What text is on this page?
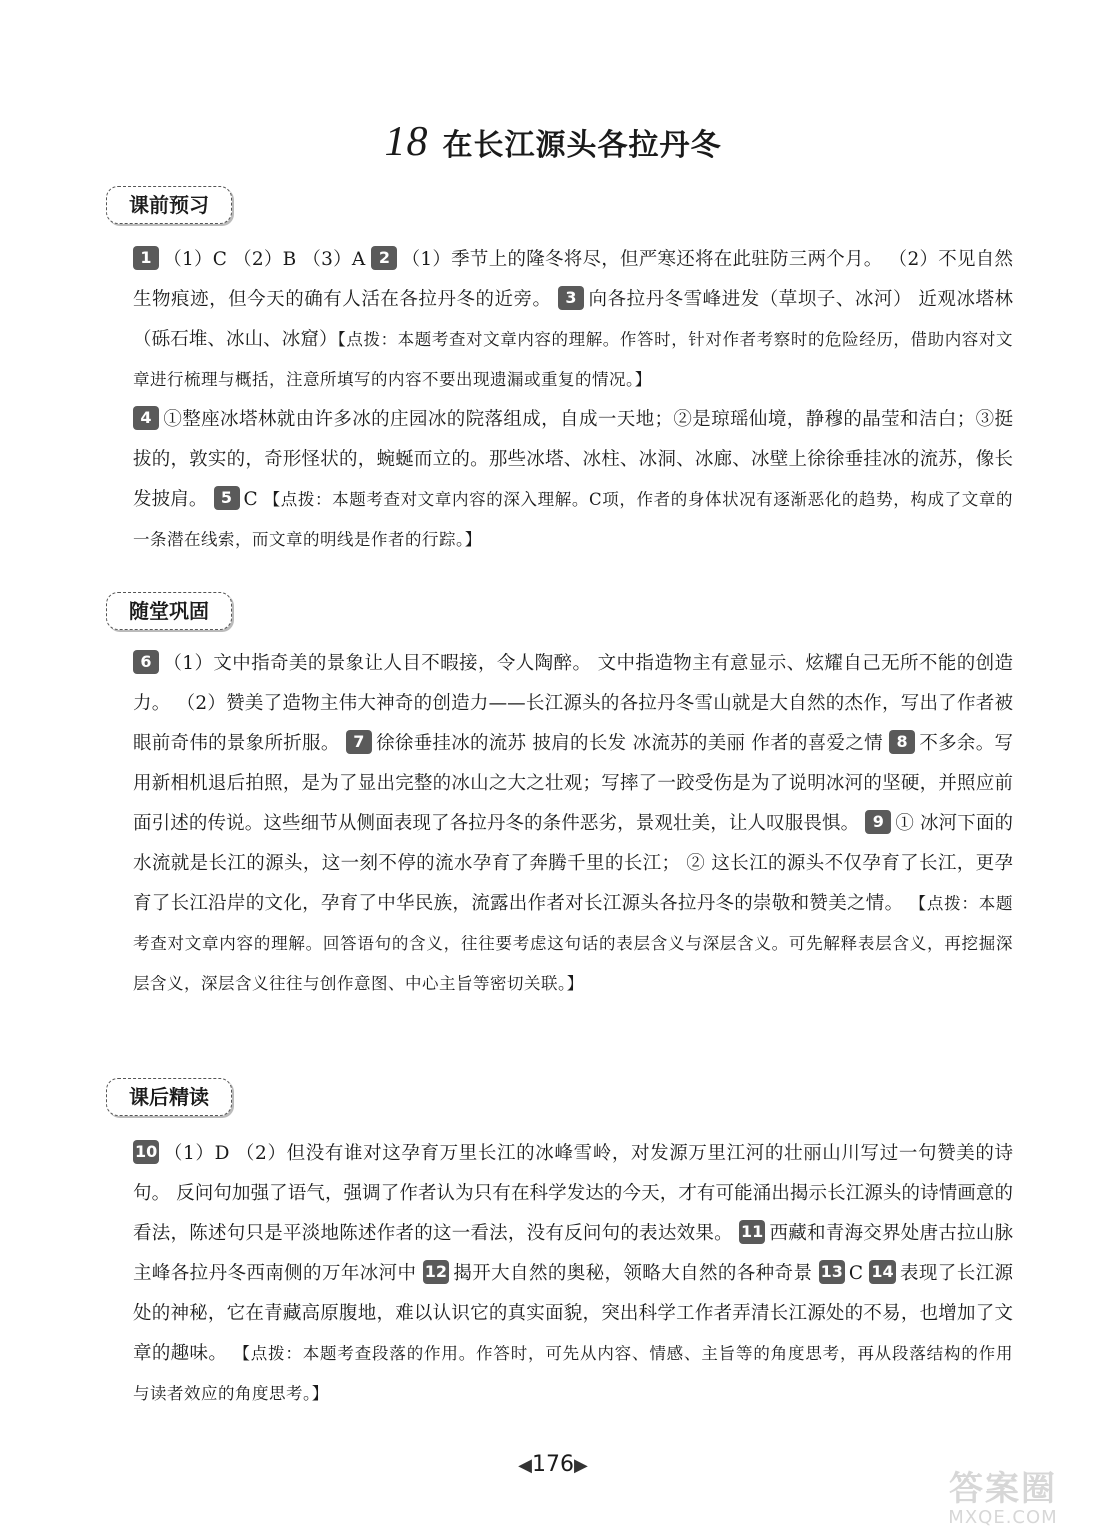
18 在长江源头各拉丹冬
课前预习
1 （1）C （2）B （3）A 2 （1）季节上的隆冬将尽，但严寒还将在此驻防三两个月。 （2）不见自然生物痕迹，但今天的确有人活在各拉丹冬的近旁。 3 向各拉丹冬雪峰进发（草坝子、冰河） 近观冰塔林（砾石堆、冰山、冰窟）【点拨：本题考查对文章内容的理解。作答时，针对作者考察时的危险经历，借助内容对文章进行梳理与概括，注意所填写的内容不要出现遗漏或重复的情况。】
4 ①整座冰塔林就由许多冰的庄园冰的院落组成，自成一天地；②是琼瑶仙境，静穆的晶莹和洁白；③挺拔的，敦实的，奇形怪状的，蜿蜒而立的。那些冰塔、冰柱、冰洞、冰廊、冰壁上徐徐垂挂冰的流苏，像长发披肩。 5 C 【点拨：本题考查对文章内容的深入理解。C项，作者的身体状况有逐渐恶化的趋势，构成了文章的一条潜在线索，而文章的明线是作者的行踪。】
随堂巩固
6 （1）文中指奇美的景象让人目不暇接，令人陶醉。 文中指造物主有意显示、炫耀自己无所不能的创造力。 （2）赞美了造物主伟大神奇的创造力——长江源头的各拉丹冬雪山就是大自然的杰作，写出了作者被眼前奇伟的景象所折服。 7 徐徐垂挂冰的流苏 披肩的长发 冰流苏的美丽 作者的喜爱之情 8 不多余。写用新相机退后拍照，是为了显出完整的冰山之大之壮观；写摔了一跤受伤是为了说明冰河的坚硬，并照应前面引述的传说。这些细节从侧面表现了各拉丹冬的条件恶劣，景观壮美，让人叹服畏惧。 9 ① 冰河下面的水流就是长江的源头，这一刻不停的流水孕育了奔腾千里的长江； ② 这长江的源头不仅孕育了长江，更孕育了长江沿岸的文化，孕育了中华民族，流露出作者对长江源头各拉丹冬的崇敬和赞美之情。 【点拨：本题考查对文章内容的理解。回答语句的含义，往往要考虑这句话的表层含义与深层含义。可先解释表层含义，再挖掘深层含义，深层含义往往与创作意图、中心主旨等密切关联。】
课后精读
10 （1）D （2）但没有谁对这孕育万里长江的冰峰雪岭，对发源万里江河的壮丽山川写过一句赞美的诗句。 反问句加强了语气，强调了作者认为只有在科学发达的今天，才有可能涌出揭示长江源头的诗情画意的看法，陈述句只是平淡地陈述作者的这一看法，没有反问句的表达效果。 11 西藏和青海交界处唐古拉山脉主峰各拉丹冬西南侧的万年冰河中 12 揭开大自然的奥秘，领略大自然的各种奇景 13 C 14 表现了长江源处的神秘，它在青藏高原腹地，难以认识它的真实面貌，突出科学工作者弄清长江源处的不易，也增加了文章的趣味。 【点拨：本题考查段落的作用。作答时，可先从内容、情感、主旨等的角度思考，再从段落结构的作用与读者效应的角度思考。】
◀176▶
答案圈
MXQE.COM
